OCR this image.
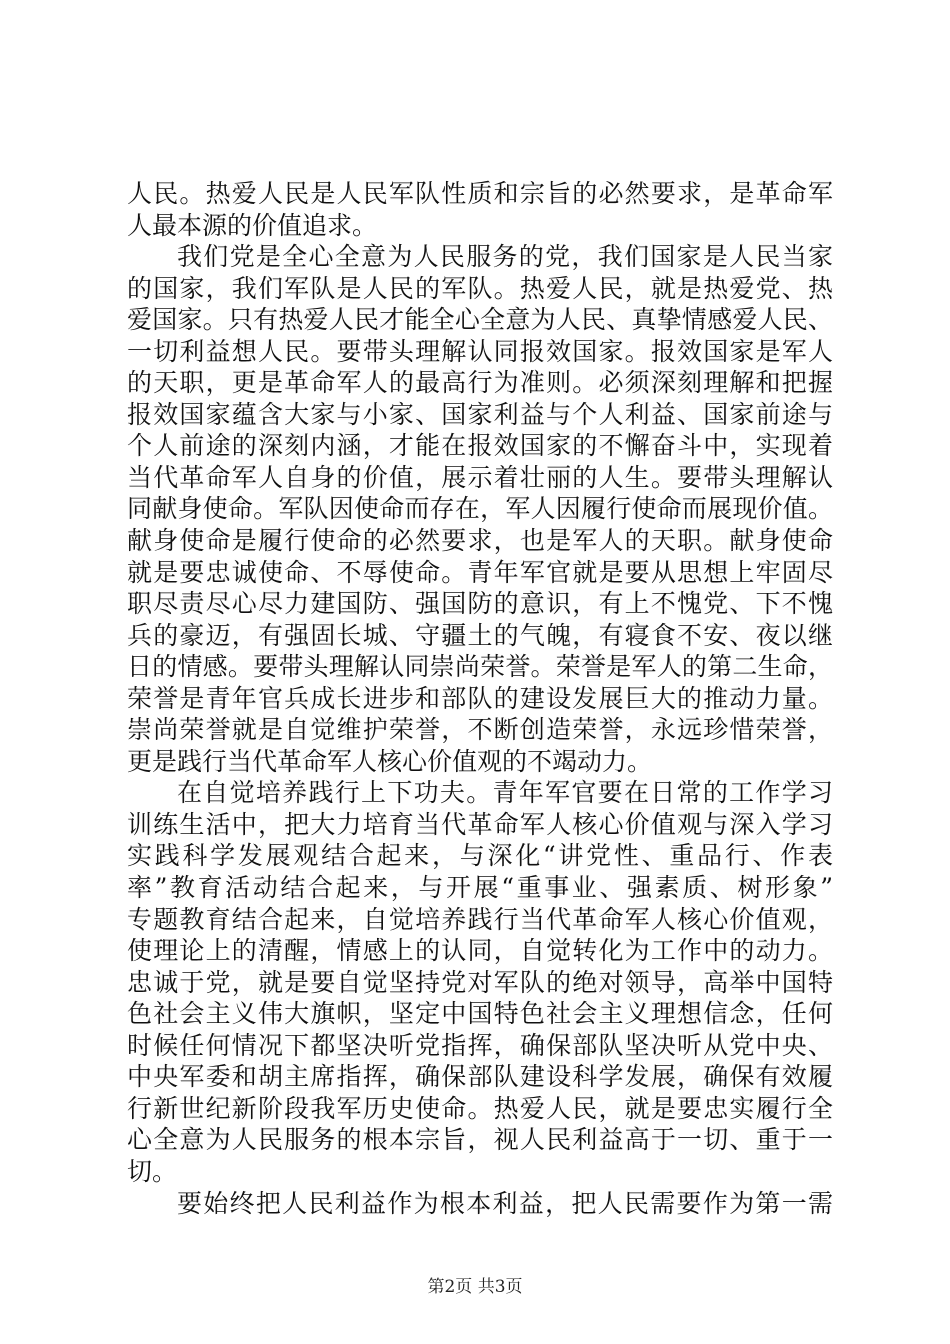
人民。热爱人民是人民军队性质和宗旨的必然要求，是革命军
人最本源的价值追求。
我们党是全心全意为人民服务的党，我们国家是人民当家
的国家，我们军队是人民的军队。热爱人民，就是热爱党、热
爱国家。只有热爱人民才能全心全意为人民、真挚情感爱人民、
一切利益想人民。要带头理解认同报效国家。报效国家是军人
的天职，更是革命军人的最高行为准则。必须深刻理解和把握
报效国家蕴含大家与小家、国家利益与个人利益、国家前途与
个人前途的深刻内涵，才能在报效国家的不懈奋斗中，实现着
当代革命军人自身的价值，展示着壮丽的人生。要带头理解认
同献身使命。军队因使命而存在，军人因履行使命而展现价值。
献身使命是履行使命的必然要求，也是军人的天职。献身使命
就是要忠诚使命、不辱使命。青年军官就是要从思想上牢固尽
职尽责尽心尽力建国防、强国防的意识，有上不愧党、下不愧
兵的豪迈，有强固长城、守疆土的气魄，有寝食不安、夜以继
日的情感。要带头理解认同崇尚荣誉。荣誉是军人的第二生命，
荣誉是青年官兵成长进步和部队的建设发展巨大的推动力量。
崇尚荣誉就是自觉维护荣誉，不断创造荣誉，永远珍惜荣誉，
更是践行当代革命军人核心价值观的不竭动力。
在自觉培养践行上下功夫。青年军官要在日常的工作学习
训练生活中，把大力培育当代革命军人核心价值观与深入学习
实践科学发展观结合起来，与深化“讲党性、重品行、作表
率”教育活动结合起来，与开展“重事业、强素质、树形象”
专题教育结合起来，自觉培养践行当代革命军人核心价值观，
使理论上的清醒，情感上的认同，自觉转化为工作中的动力。
忠诚于党，就是要自觉坚持党对军队的绝对领导，高举中国特
色社会主义伟大旗帜，坚定中国特色社会主义理想信念，任何
时候任何情况下都坚决听党指挥，确保部队坚决听从党中央、
中央军委和胡主席指挥，确保部队建设科学发展，确保有效履
行新世纪新阶段我军历史使命。热爱人民，就是要忠实履行全
心全意为人民服务的根本宗旨，视人民利益高于一切、重于一
切。
要始终把人民利益作为根本利益，把人民需要作为第一需
第2页 共3页
